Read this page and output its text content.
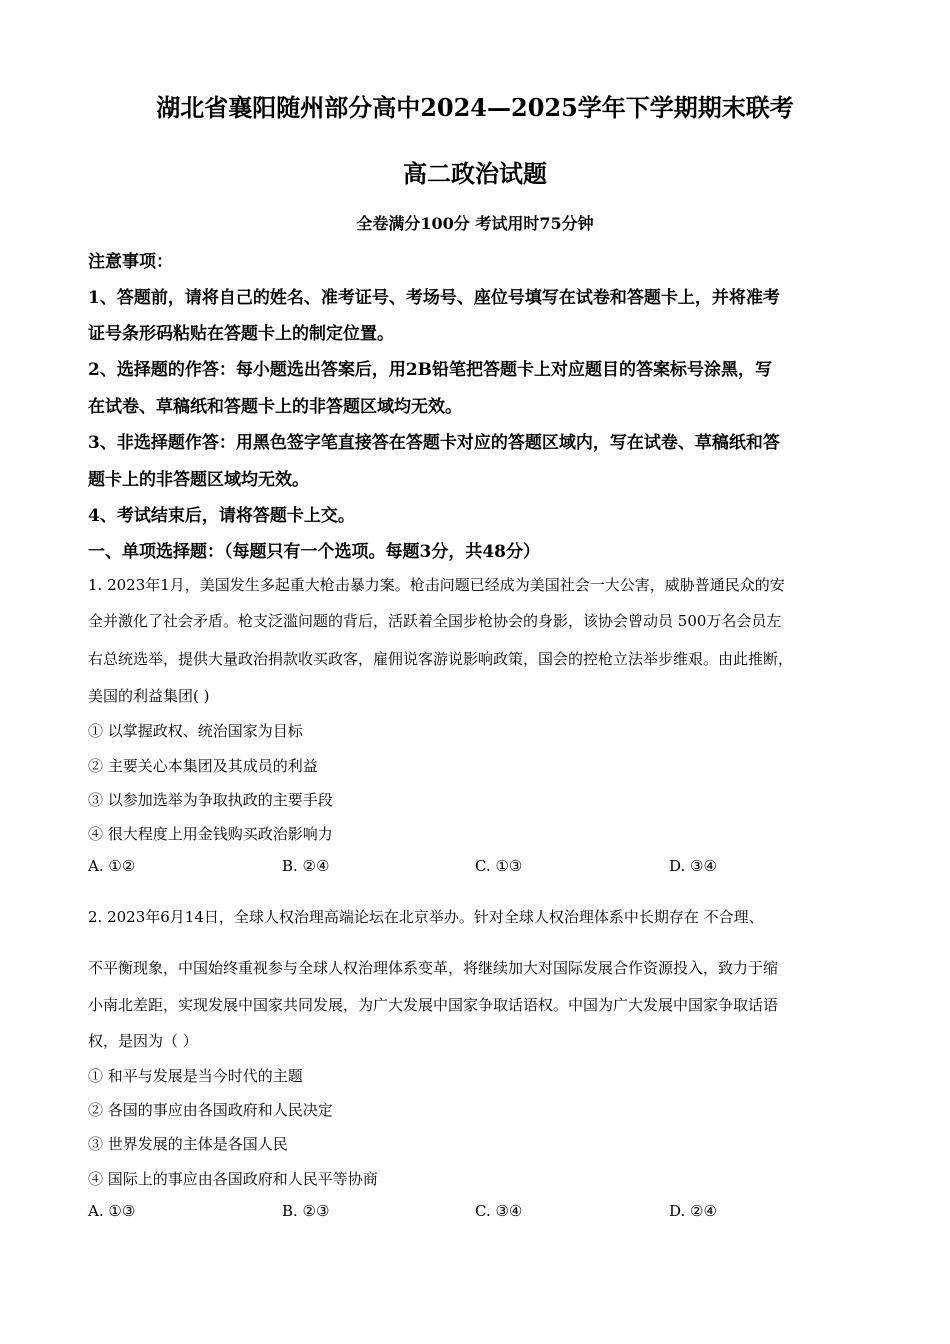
湖北省襄阳随州部分高中2024—2025学年下学期期末联考
高二政治试题
全卷满分100分 考试用时75分钟
注意事项：
1、答题前，请将自己的姓名、准考证号、考场号、座位号填写在试卷和答题卡上，并将准考
证号条形码粘贴在答题卡上的制定位置。
2、选择题的作答：每小题选出答案后，用2B铅笔把答题卡上对应题目的答案标号涂黑，写
在试卷、草稿纸和答题卡上的非答题区域均无效。
3、非选择题作答：用黑色签字笔直接答在答题卡对应的答题区域内，写在试卷、草稿纸和答
题卡上的非答题区域均无效。
4、考试结束后，请将答题卡上交。
一、单项选择题：（每题只有一个选项。每题3分，共48分）
1. 2023年1月，美国发生多起重大枪击暴力案。枪击问题已经成为美国社会一大公害，威胁普通民众的安
全并激化了社会矛盾。枪支泛滥问题的背后，活跃着全国步枪协会的身影，该协会曾动员 500万名会员左
右总统选举，提供大量政治捐款收买政客，雇佣说客游说影响政策，国会的控枪立法举步维艰。由此推断，
美国的利益集团( )
① 以掌握政权、统治国家为目标
② 主要关心本集团及其成员的利益
③ 以参加选举为争取执政的主要手段
④ 很大程度上用金钱购买政治影响力
A. ①②	B. ②④	C. ①③	D. ③④
2. 2023年6月14日，全球人权治理高端论坛在北京举办。针对全球人权治理体系中长期存在 不合理、
不平衡现象，中国始终重视参与全球人权治理体系变革，将继续加大对国际发展合作资源投入，致力于缩
小南北差距，实现发展中国家共同发展，为广大发展中国家争取话语权。中国为广大发展中国家争取话语
权，是因为（ ）
① 和平与发展是当今时代的主题
② 各国的事应由各国政府和人民决定
③ 世界发展的主体是各国人民
④ 国际上的事应由各国政府和人民平等协商
A. ①③	B. ②③	C. ③④	D. ②④
